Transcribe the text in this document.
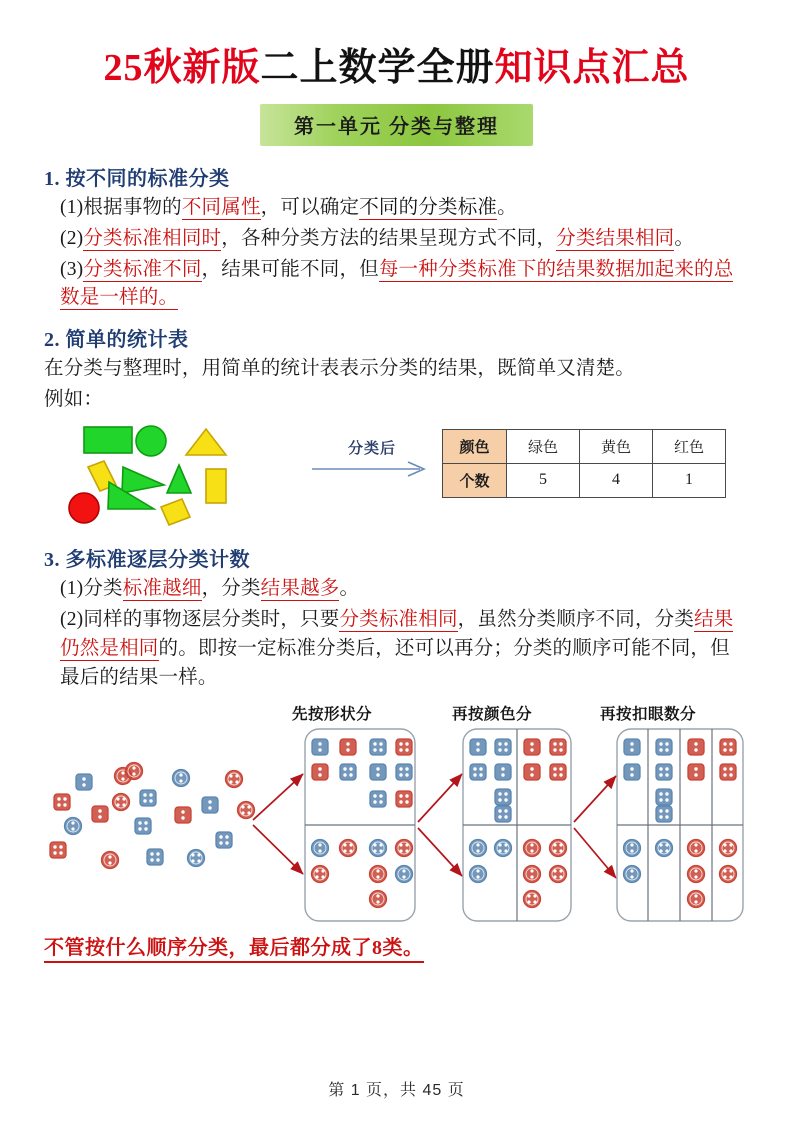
25秋新版二上数学全册知识点汇总
第一单元 分类与整理
1. 按不同的标准分类
(1)根据事物的不同属性，可以确定不同的分类标准。
(2)分类标准相同时，各种分类方法的结果呈现方式不同，分类结果相同。
(3)分类标准不同，结果可能不同，但每一种分类标准下的结果数据加起来的总数是一样的。
2. 简单的统计表
在分类与整理时，用简单的统计表表示分类的结果，既简单又清楚。
例如：
分类后	颜色	绿色	黄色	红色
个数	5	4	1
3. 多标准逐层分类计数
(1)分类标准越细，分类结果越多。
(2)同样的事物逐层分类时，只要分类标准相同，虽然分类顺序不同，分类结果仍然是相同的。即按一定标准分类后，还可以再分；分类的顺序可能不同，但最后的结果一样。
先按形状分	再按颜色分	再按扣眼数分
不管按什么顺序分类，最后都分成了8类。
第 1 页，共 45 页
